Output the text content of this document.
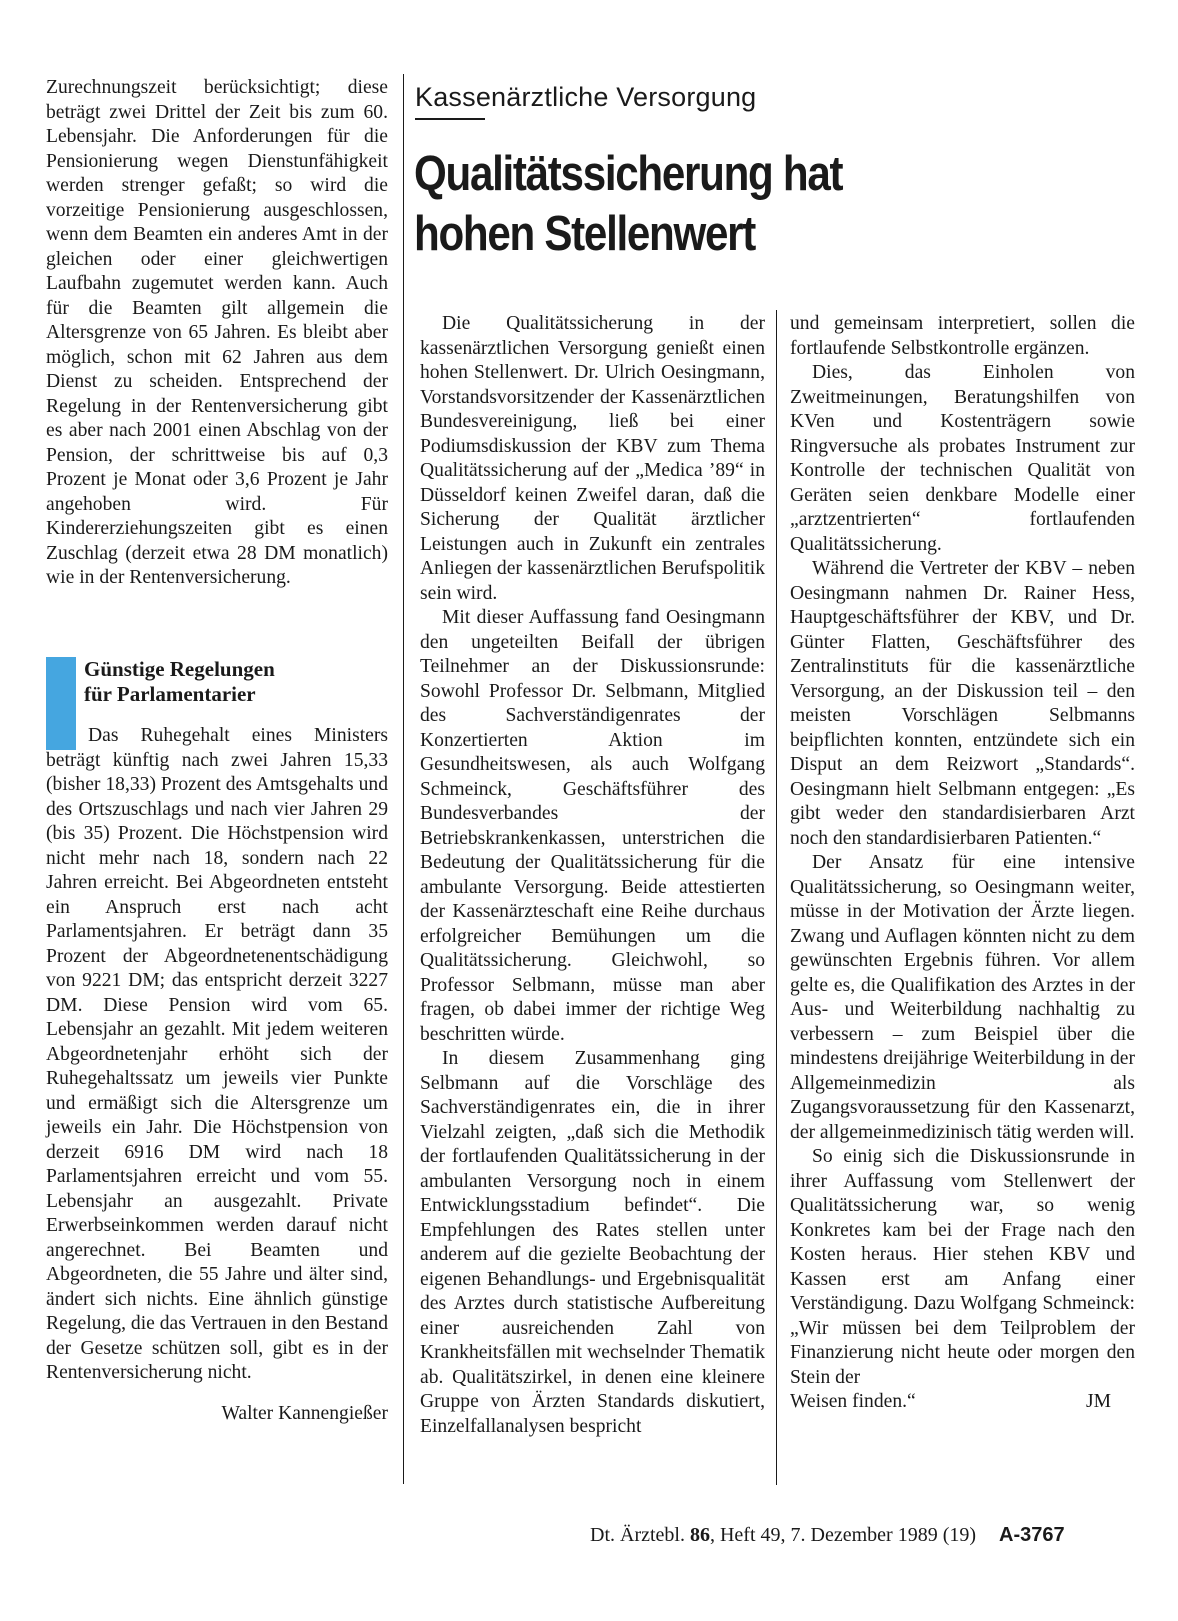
Zurechnungszeit berücksichtigt; diese beträgt zwei Drittel der Zeit bis zum 60. Lebensjahr. Die Anforderungen für die Pensionierung wegen Dienstunfähigkeit werden strenger gefaßt; so wird die vorzeitige Pensionierung ausgeschlossen, wenn dem Beamten ein anderes Amt in der gleichen oder einer gleichwertigen Laufbahn zugemutet werden kann. Auch für die Beamten gilt allgemein die Altersgrenze von 65 Jahren. Es bleibt aber möglich, schon mit 62 Jahren aus dem Dienst zu scheiden. Entsprechend der Regelung in der Rentenversicherung gibt es aber nach 2001 einen Abschlag von der Pension, der schrittweise bis auf 0,3 Prozent je Monat oder 3,6 Prozent je Jahr angehoben wird. Für Kindererziehungszeiten gibt es einen Zuschlag (derzeit etwa 28 DM monatlich) wie in der Rentenversicherung.

Günstige Regelungen
für Parlamentarier

Das Ruhegehalt eines Ministers beträgt künftig nach zwei Jahren 15,33 (bisher 18,33) Prozent des Amtsgehalts und des Ortszuschlags und nach vier Jahren 29 (bis 35) Prozent. Die Höchstpension wird nicht mehr nach 18, sondern nach 22 Jahren erreicht. Bei Abgeordneten entsteht ein Anspruch erst nach acht Parlamentsjahren. Er beträgt dann 35 Prozent der Abgeordnetenentschädigung von 9221 DM; das entspricht derzeit 3227 DM. Diese Pension wird vom 65. Lebensjahr an gezahlt. Mit jedem weiteren Abgeordnetenjahr erhöht sich der Ruhegehaltssatz um jeweils vier Punkte und ermäßigt sich die Altersgrenze um jeweils ein Jahr. Die Höchstpension von derzeit 6916 DM wird nach 18 Parlamentsjahren erreicht und vom 55. Lebensjahr an ausgezahlt. Private Erwerbseinkommen werden darauf nicht angerechnet. Bei Beamten und Abgeordneten, die 55 Jahre und älter sind, ändert sich nichts. Eine ähnlich günstige Regelung, die das Vertrauen in den Bestand der Gesetze schützen soll, gibt es in der Rentenversicherung nicht.

Walter Kannengießer

Kassenärztliche Versorgung
Qualitätssicherung hat
hohen Stellenwert

Die Qualitätssicherung in der kassenärztlichen Versorgung genießt einen hohen Stellenwert. Dr. Ulrich Oesingmann, Vorstandsvorsitzender der Kassenärztlichen Bundesvereinigung, ließ bei einer Podiumsdiskussion der KBV zum Thema Qualitätssicherung auf der „Medica ’89“ in Düsseldorf keinen Zweifel daran, daß die Sicherung der Qualität ärztlicher Leistungen auch in Zukunft ein zentrales Anliegen der kassenärztlichen Berufspolitik sein wird.

Mit dieser Auffassung fand Oesingmann den ungeteilten Beifall der übrigen Teilnehmer an der Diskussionsrunde: Sowohl Professor Dr. Selbmann, Mitglied des Sachverständigenrates der Konzertierten Aktion im Gesundheitswesen, als auch Wolfgang Schmeinck, Geschäftsführer des Bundesverbandes der Betriebskrankenkassen, unterstrichen die Bedeutung der Qualitätssicherung für die ambulante Versorgung. Beide attestierten der Kassenärzteschaft eine Reihe durchaus erfolgreicher Bemühungen um die Qualitätssicherung. Gleichwohl, so Professor Selbmann, müsse man aber fragen, ob dabei immer der richtige Weg beschritten würde.

In diesem Zusammenhang ging Selbmann auf die Vorschläge des Sachverständigenrates ein, die in ihrer Vielzahl zeigten, „daß sich die Methodik der fortlaufenden Qualitätssicherung in der ambulanten Versorgung noch in einem Entwicklungsstadium befindet“. Die Empfehlungen des Rates stellen unter anderem auf die gezielte Beobachtung der eigenen Behandlungs- und Ergebnisqualität des Arztes durch statistische Aufbereitung einer ausreichenden Zahl von Krankheitsfällen mit wechselnder Thematik ab. Qualitätszirkel, in denen eine kleinere Gruppe von Ärzten Standards diskutiert, Einzelfallanalysen bespricht

und gemeinsam interpretiert, sollen die fortlaufende Selbstkontrolle ergänzen.

Dies, das Einholen von Zweitmeinungen, Beratungshilfen von KVen und Kostenträgern sowie Ringversuche als probates Instrument zur Kontrolle der technischen Qualität von Geräten seien denkbare Modelle einer „arztzentrierten“ fortlaufenden Qualitätssicherung.

Während die Vertreter der KBV – neben Oesingmann nahmen Dr. Rainer Hess, Hauptgeschäftsführer der KBV, und Dr. Günter Flatten, Geschäftsführer des Zentralinstituts für die kassenärztliche Versorgung, an der Diskussion teil – den meisten Vorschlägen Selbmanns beipflichten konnten, entzündete sich ein Disput an dem Reizwort „Standards“. Oesingmann hielt Selbmann entgegen: „Es gibt weder den standardisierbaren Arzt noch den standardisierbaren Patienten.“

Der Ansatz für eine intensive Qualitätssicherung, so Oesingmann weiter, müsse in der Motivation der Ärzte liegen. Zwang und Auflagen könnten nicht zu dem gewünschten Ergebnis führen. Vor allem gelte es, die Qualifikation des Arztes in der Aus- und Weiterbildung nachhaltig zu verbessern – zum Beispiel über die mindestens dreijährige Weiterbildung in der Allgemeinmedizin als Zugangsvoraussetzung für den Kassenarzt, der allgemeinmedizinisch tätig werden will.

So einig sich die Diskussionsrunde in ihrer Auffassung vom Stellenwert der Qualitätssicherung war, so wenig Konkretes kam bei der Frage nach den Kosten heraus. Hier stehen KBV und Kassen erst am Anfang einer Verständigung. Dazu Wolfgang Schmeinck: „Wir müssen bei dem Teilproblem der Finanzierung nicht heute oder morgen den Stein der

Weisen finden.“	JM

Dt. Ärztebl. 86, Heft 49, 7. Dezember 1989 (19) A-3767
